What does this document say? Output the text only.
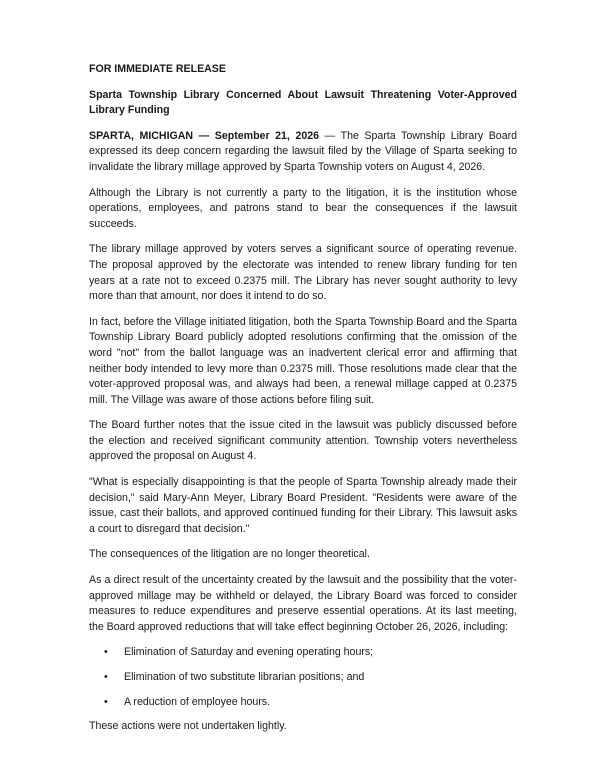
FOR IMMEDIATE RELEASE
Sparta Township Library Concerned About Lawsuit Threatening Voter-Approved Library Funding

SPARTA, MICHIGAN — September 21, 2026 — The Sparta Township Library Board expressed its deep concern regarding the lawsuit filed by the Village of Sparta seeking to invalidate the library millage approved by Sparta Township voters on August 4, 2026.

Although the Library is not currently a party to the litigation, it is the institution whose operations, employees, and patrons stand to bear the consequences if the lawsuit succeeds.

The library millage approved by voters serves a significant source of operating revenue. The proposal approved by the electorate was intended to renew library funding for ten years at a rate not to exceed 0.2375 mill. The Library has never sought authority to levy more than that amount, nor does it intend to do so.

In fact, before the Village initiated litigation, both the Sparta Township Board and the Sparta Township Library Board publicly adopted resolutions confirming that the omission of the word "not" from the ballot language was an inadvertent clerical error and affirming that neither body intended to levy more than 0.2375 mill. Those resolutions made clear that the voter-approved proposal was, and always had been, a renewal millage capped at 0.2375 mill. The Village was aware of those actions before filing suit.

The Board further notes that the issue cited in the lawsuit was publicly discussed before the election and received significant community attention. Township voters nevertheless approved the proposal on August 4.

"What is especially disappointing is that the people of Sparta Township already made their decision," said Mary-Ann Meyer, Library Board President. "Residents were aware of the issue, cast their ballots, and approved continued funding for their Library. This lawsuit asks a court to disregard that decision."

The consequences of the litigation are no longer theoretical.

As a direct result of the uncertainty created by the lawsuit and the possibility that the voter-approved millage may be withheld or delayed, the Library Board was forced to consider measures to reduce expenditures and preserve essential operations. At its last meeting, the Board approved reductions that will take effect beginning October 26, 2026, including:

• Elimination of Saturday and evening operating hours;
• Elimination of two substitute librarian positions; and
• A reduction of employee hours.

These actions were not undertaken lightly.
